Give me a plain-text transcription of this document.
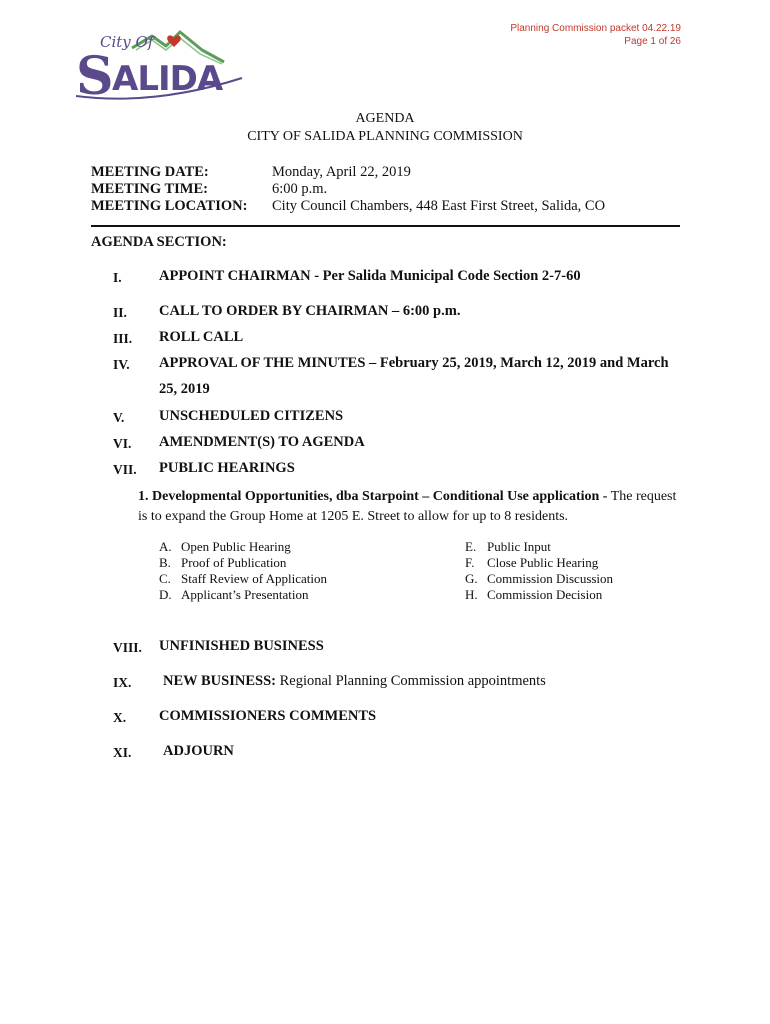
Planning Commission packet 04.22.19
Page 1 of 26
City Of
S
ALIDA
AGENDA
CITY OF SALIDA PLANNING COMMISSION
MEETING DATE:	Monday, April 22, 2019
MEETING TIME:	6:00 p.m.
MEETING LOCATION: City Council Chambers, 448 East First Street, Salida, CO
AGENDA SECTION:
I.	APPOINT CHAIRMAN - Per Salida Municipal Code Section 2-7-60
II. CALL TO ORDER BY CHAIRMAN – 6:00 p.m.
III. ROLL CALL
IV. APPROVAL OF THE MINUTES – February 25, 2019, March 12, 2019 and March 25, 2019
V. UNSCHEDULED CITIZENS
VI. AMENDMENT(S) TO AGENDA
VII. PUBLIC HEARINGS
1. Developmental Opportunities, dba Starpoint – Conditional Use application - The request is to expand the Group Home at 1205 E. Street to allow for up to 8 residents.
A. Open Public Hearing
B. Proof of Publication
C. Staff Review of Application
D. Applicant’s Presentation
E. Public Input
F. Close Public Hearing
G. Commission Discussion
H. Commission Decision
VIII. UNFINISHED BUSINESS
IX. NEW BUSINESS: Regional Planning Commission appointments
X. COMMISSIONERS COMMENTS
XI. ADJOURN
